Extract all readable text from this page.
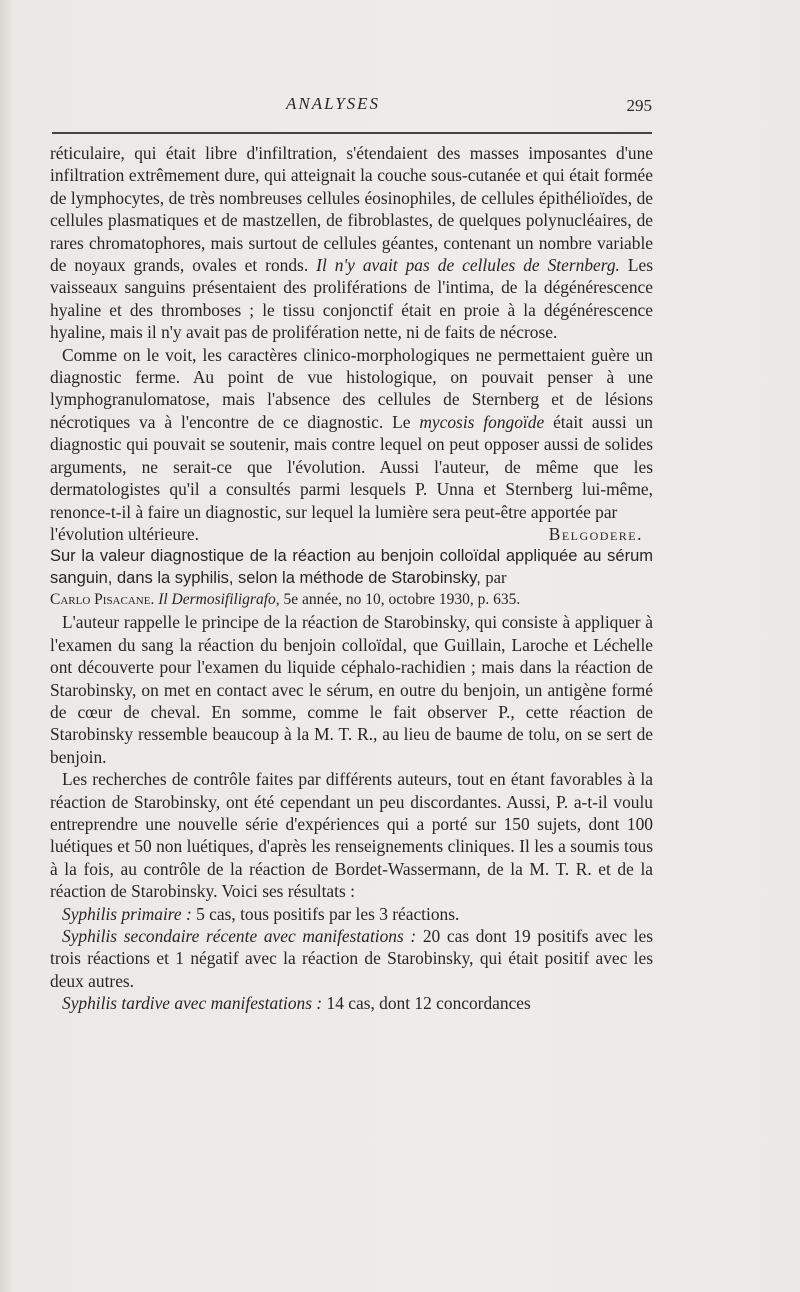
ANALYSES	295

réticulaire, qui était libre d'infiltration, s'étendaient des masses imposantes d'une infiltration extrêmement dure, qui atteignait la couche sous-cutanée et qui était formée de lymphocytes, de très nombreuses cellules éosinophiles, de cellules épithélioïdes, de cellules plasmatiques et de mastzellen, de fibroblastes, de quelques polynucléaires, de rares chromatophores, mais surtout de cellules géantes, contenant un nombre variable de noyaux grands, ovales et ronds. Il n'y avait pas de cellules de Sternberg. Les vaisseaux sanguins présentaient des proliférations de l'intima, de la dégénérescence hyaline et des thromboses ; le tissu conjonctif était en proie à la dégénérescence hyaline, mais il n'y avait pas de prolifération nette, ni de faits de nécrose.

Comme on le voit, les caractères clinico-morphologiques ne permettaient guère un diagnostic ferme. Au point de vue histologique, on pouvait penser à une lymphogranulomatose, mais l'absence des cellules de Sternberg et de lésions nécrotiques va à l'encontre de ce diagnostic. Le mycosis fongoïde était aussi un diagnostic qui pouvait se soutenir, mais contre lequel on peut opposer aussi de solides arguments, ne serait-ce que l'évolution. Aussi l'auteur, de même que les dermatologistes qu'il a consultés parmi lesquels P. Unna et Sternberg lui-même, renonce-t-il à faire un diagnostic, sur lequel la lumière sera peut-être apportée par

l'évolution ultérieure.	Belgodere.

Sur la valeur diagnostique de la réaction au benjoin colloïdal appliquée au sérum sanguin, dans la syphilis, selon la méthode de Starobinsky, par

Carlo Pisacane. Il Dermosifiligrafo, 5e année, no 10, octobre 1930, p. 635.

L'auteur rappelle le principe de la réaction de Starobinsky, qui consiste à appliquer à l'examen du sang la réaction du benjoin colloïdal, que Guillain, Laroche et Léchelle ont découverte pour l'examen du liquide céphalo-rachidien ; mais dans la réaction de Starobinsky, on met en contact avec le sérum, en outre du benjoin, un antigène formé de cœur de cheval. En somme, comme le fait observer P., cette réaction de Starobinsky ressemble beaucoup à la M. T. R., au lieu de baume de tolu, on se sert de benjoin.

Les recherches de contrôle faites par différents auteurs, tout en étant favorables à la réaction de Starobinsky, ont été cependant un peu discordantes. Aussi, P. a-t-il voulu entreprendre une nouvelle série d'expériences qui a porté sur 150 sujets, dont 100 luétiques et 50 non luétiques, d'après les renseignements cliniques. Il les a soumis tous à la fois, au contrôle de la réaction de Bordet-Wassermann, de la M. T. R. et de la réaction de Starobinsky. Voici ses résultats :

Syphilis primaire : 5 cas, tous positifs par les 3 réactions.

Syphilis secondaire récente avec manifestations : 20 cas dont 19 positifs avec les trois réactions et 1 négatif avec la réaction de Starobinsky, qui était positif avec les deux autres.

Syphilis tardive avec manifestations : 14 cas, dont 12 concordances
